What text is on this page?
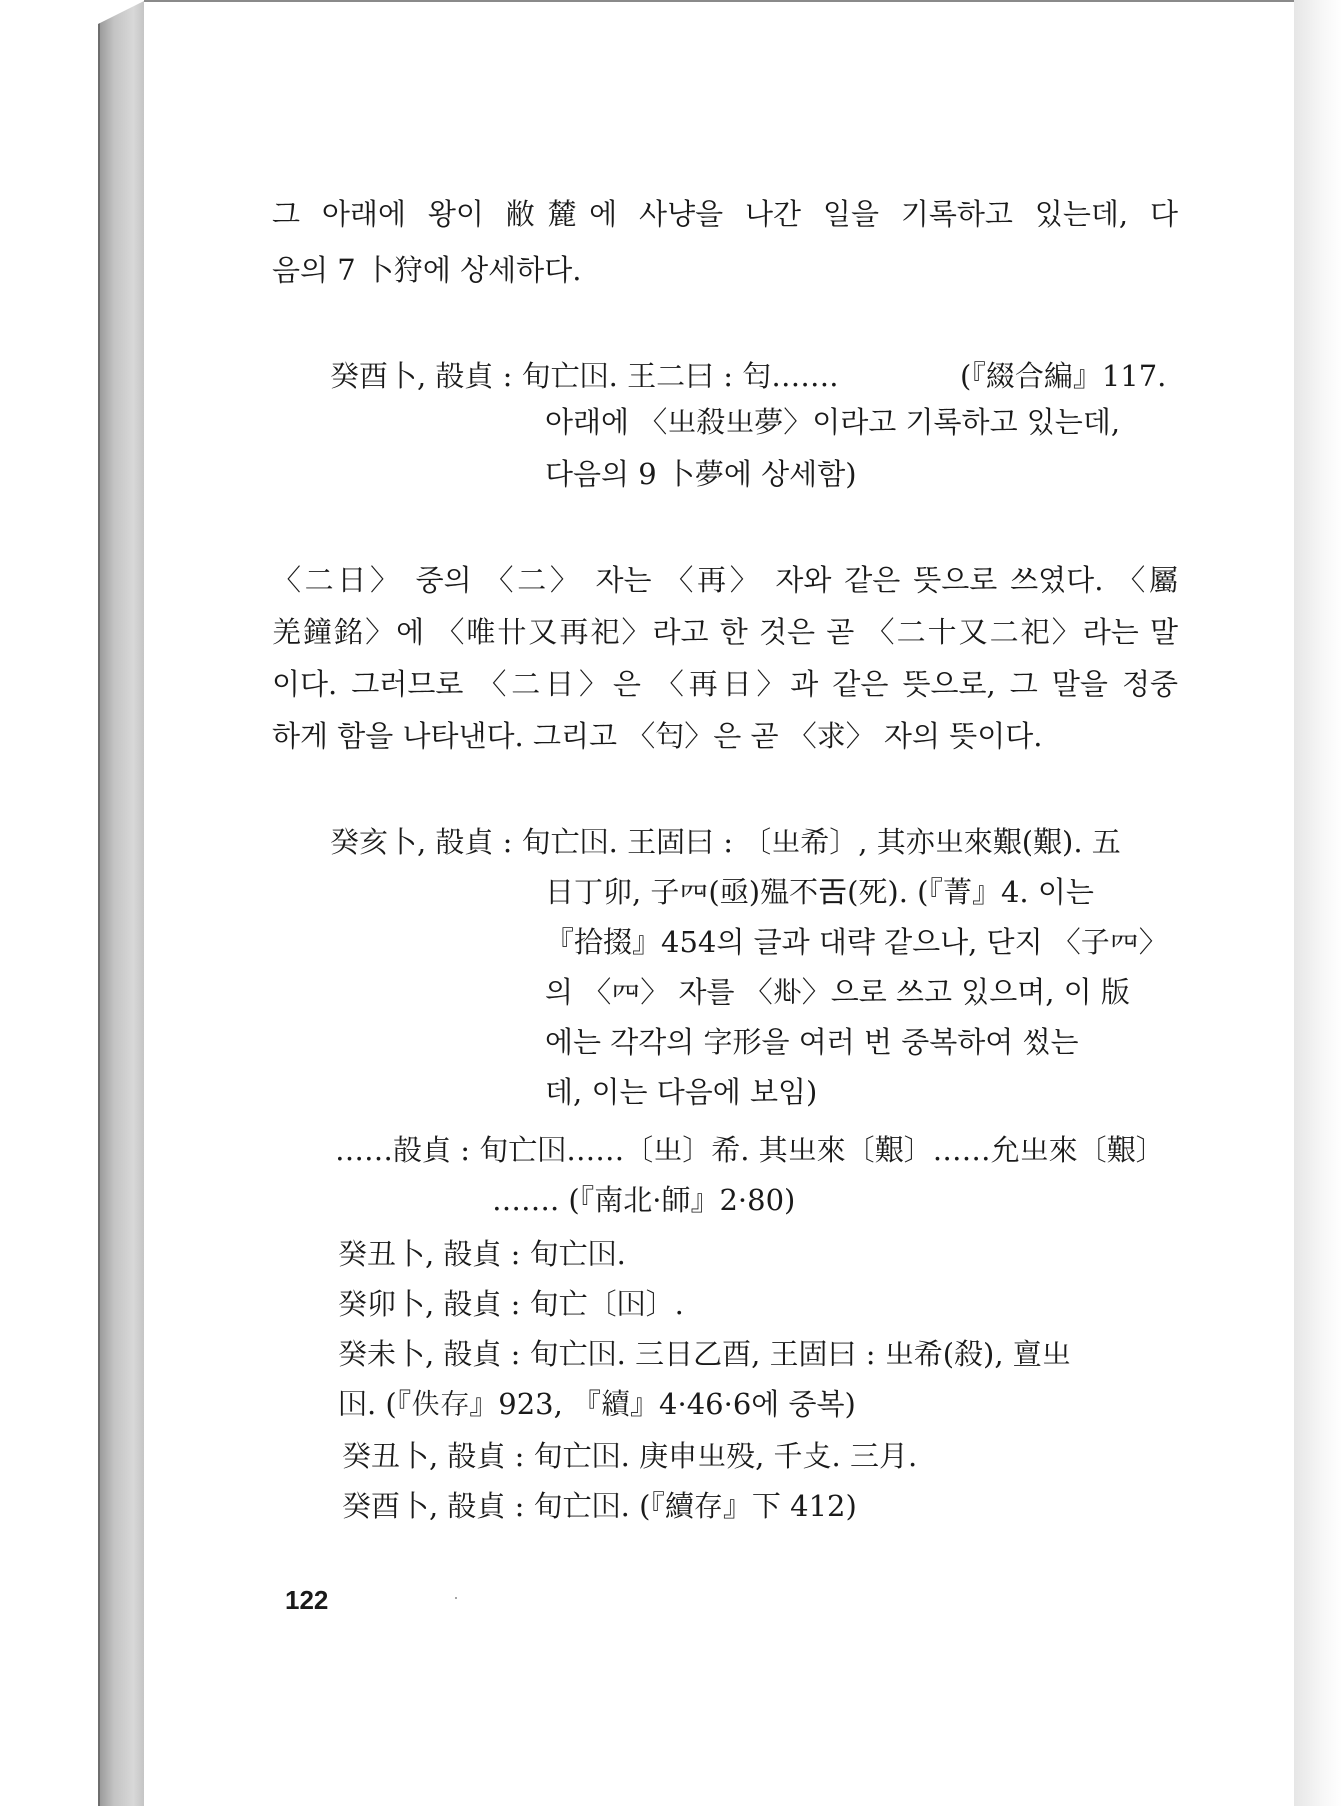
그 아래에 왕이 敝麓에 사냥을 나간 일을 기록하고 있는데, 다
음의 7 卜狩에 상세하다.
癸酉卜, 㱿貞 : 旬亡𡆥. 王二曰 : 匄…….	(『綴合編』117.
아래에 〈㞢殺㞢夢〉이라고 기록하고 있는데,
다음의 9 卜夢에 상세함)
〈二日〉 중의 〈二〉 자는 〈再〉 자와 같은 뜻으로 쓰였다. 〈屬
羌鐘銘〉에 〈唯卄又再祀〉라고 한 것은 곧 〈二十又二祀〉라는 말
이다. 그러므로 〈二日〉은 〈再日〉과 같은 뜻으로, 그 말을 정중
하게 함을 나타낸다. 그리고 〈匄〉은 곧 〈求〉 자의 뜻이다.
癸亥卜, 㱿貞 : 旬亡𡆥. 王固曰 : 〔㞢希〕, 其亦㞢來艱(艱). 五
日丁卯, 子𦉪(亟)殟不𢀛(死). (『菁』4. 이는
『拾掇』454의 글과 대략 같으나, 단지 〈子𦉪〉
의 〈𦉪〉 자를 〈𠧞〉으로 쓰고 있으며, 이 版
에는 각각의 字形을 여러 번 중복하여 썼는
데, 이는 다음에 보임)
……㱿貞 : 旬亡𡆥……〔㞢〕希. 其㞢來〔艱〕……允㞢來〔艱〕
……. (『南北·師』2·80)
癸丑卜, 㱿貞 : 旬亡𡆥.
癸卯卜, 㱿貞 : 旬亡〔𡆥〕.
癸未卜, 㱿貞 : 旬亡𡆥. 三日乙酉, 王固曰 : 㞢希(殺), 亶㞢
𡆥. (『佚存』923, 『續』4·46·6에 중복)
癸丑卜, 㱿貞 : 旬亡𡆥. 庚申㞢殁, 千攴. 三月.
癸酉卜, 㱿貞 : 旬亡𡆥. (『續存』下 412)
122
